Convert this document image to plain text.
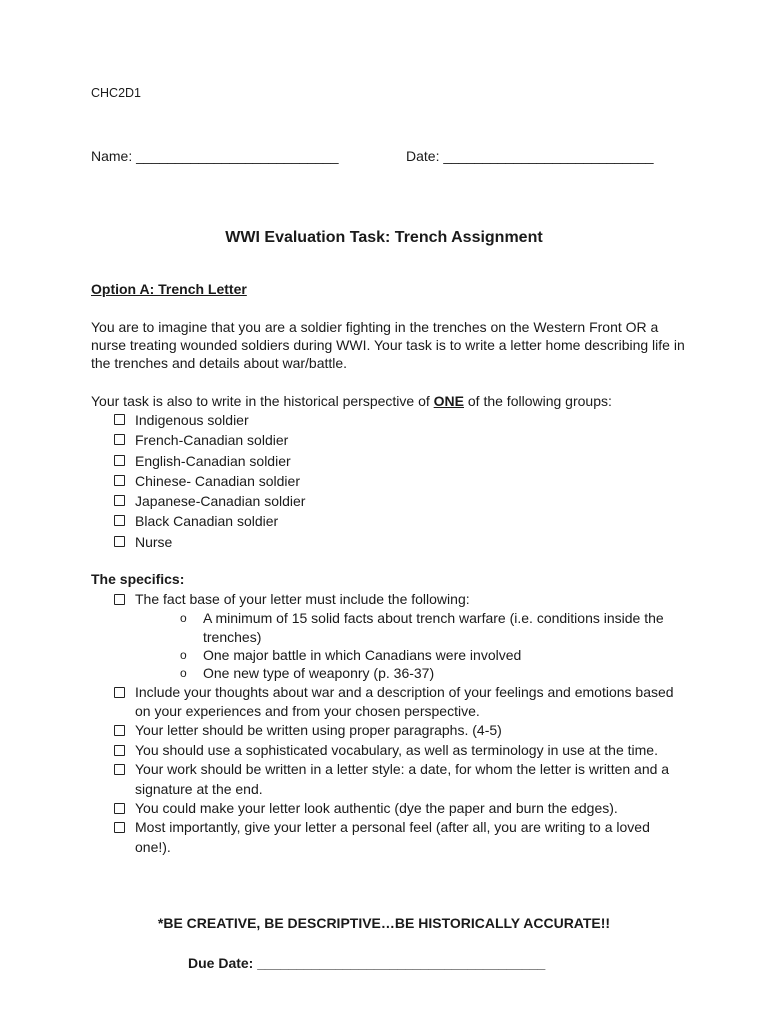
CHC2D1
Name: __________________________	Date: ___________________________
WWI Evaluation Task: Trench Assignment
Option A: Trench Letter
You are to imagine that you are a soldier fighting in the trenches on the Western Front OR a nurse treating wounded soldiers during WWI. Your task is to write a letter home describing life in the trenches and details about war/battle.
Your task is also to write in the historical perspective of ONE of the following groups:
Indigenous soldier
French-Canadian soldier
English-Canadian soldier
Chinese- Canadian soldier
Japanese-Canadian soldier
Black Canadian soldier
Nurse
The specifics:
The fact base of your letter must include the following:
o A minimum of 15 solid facts about trench warfare (i.e. conditions inside the trenches)
o One major battle in which Canadians were involved
o One new type of weaponry (p. 36-37)
Include your thoughts about war and a description of your feelings and emotions based on your experiences and from your chosen perspective.
Your letter should be written using proper paragraphs. (4-5)
You should use a sophisticated vocabulary, as well as terminology in use at the time.
Your work should be written in a letter style: a date, for whom the letter is written and a signature at the end.
You could make your letter look authentic (dye the paper and burn the edges).
Most importantly, give your letter a personal feel (after all, you are writing to a loved one!).
*BE CREATIVE, BE DESCRIPTIVE…BE HISTORICALLY ACCURATE!!
Due Date: _____________________________________
